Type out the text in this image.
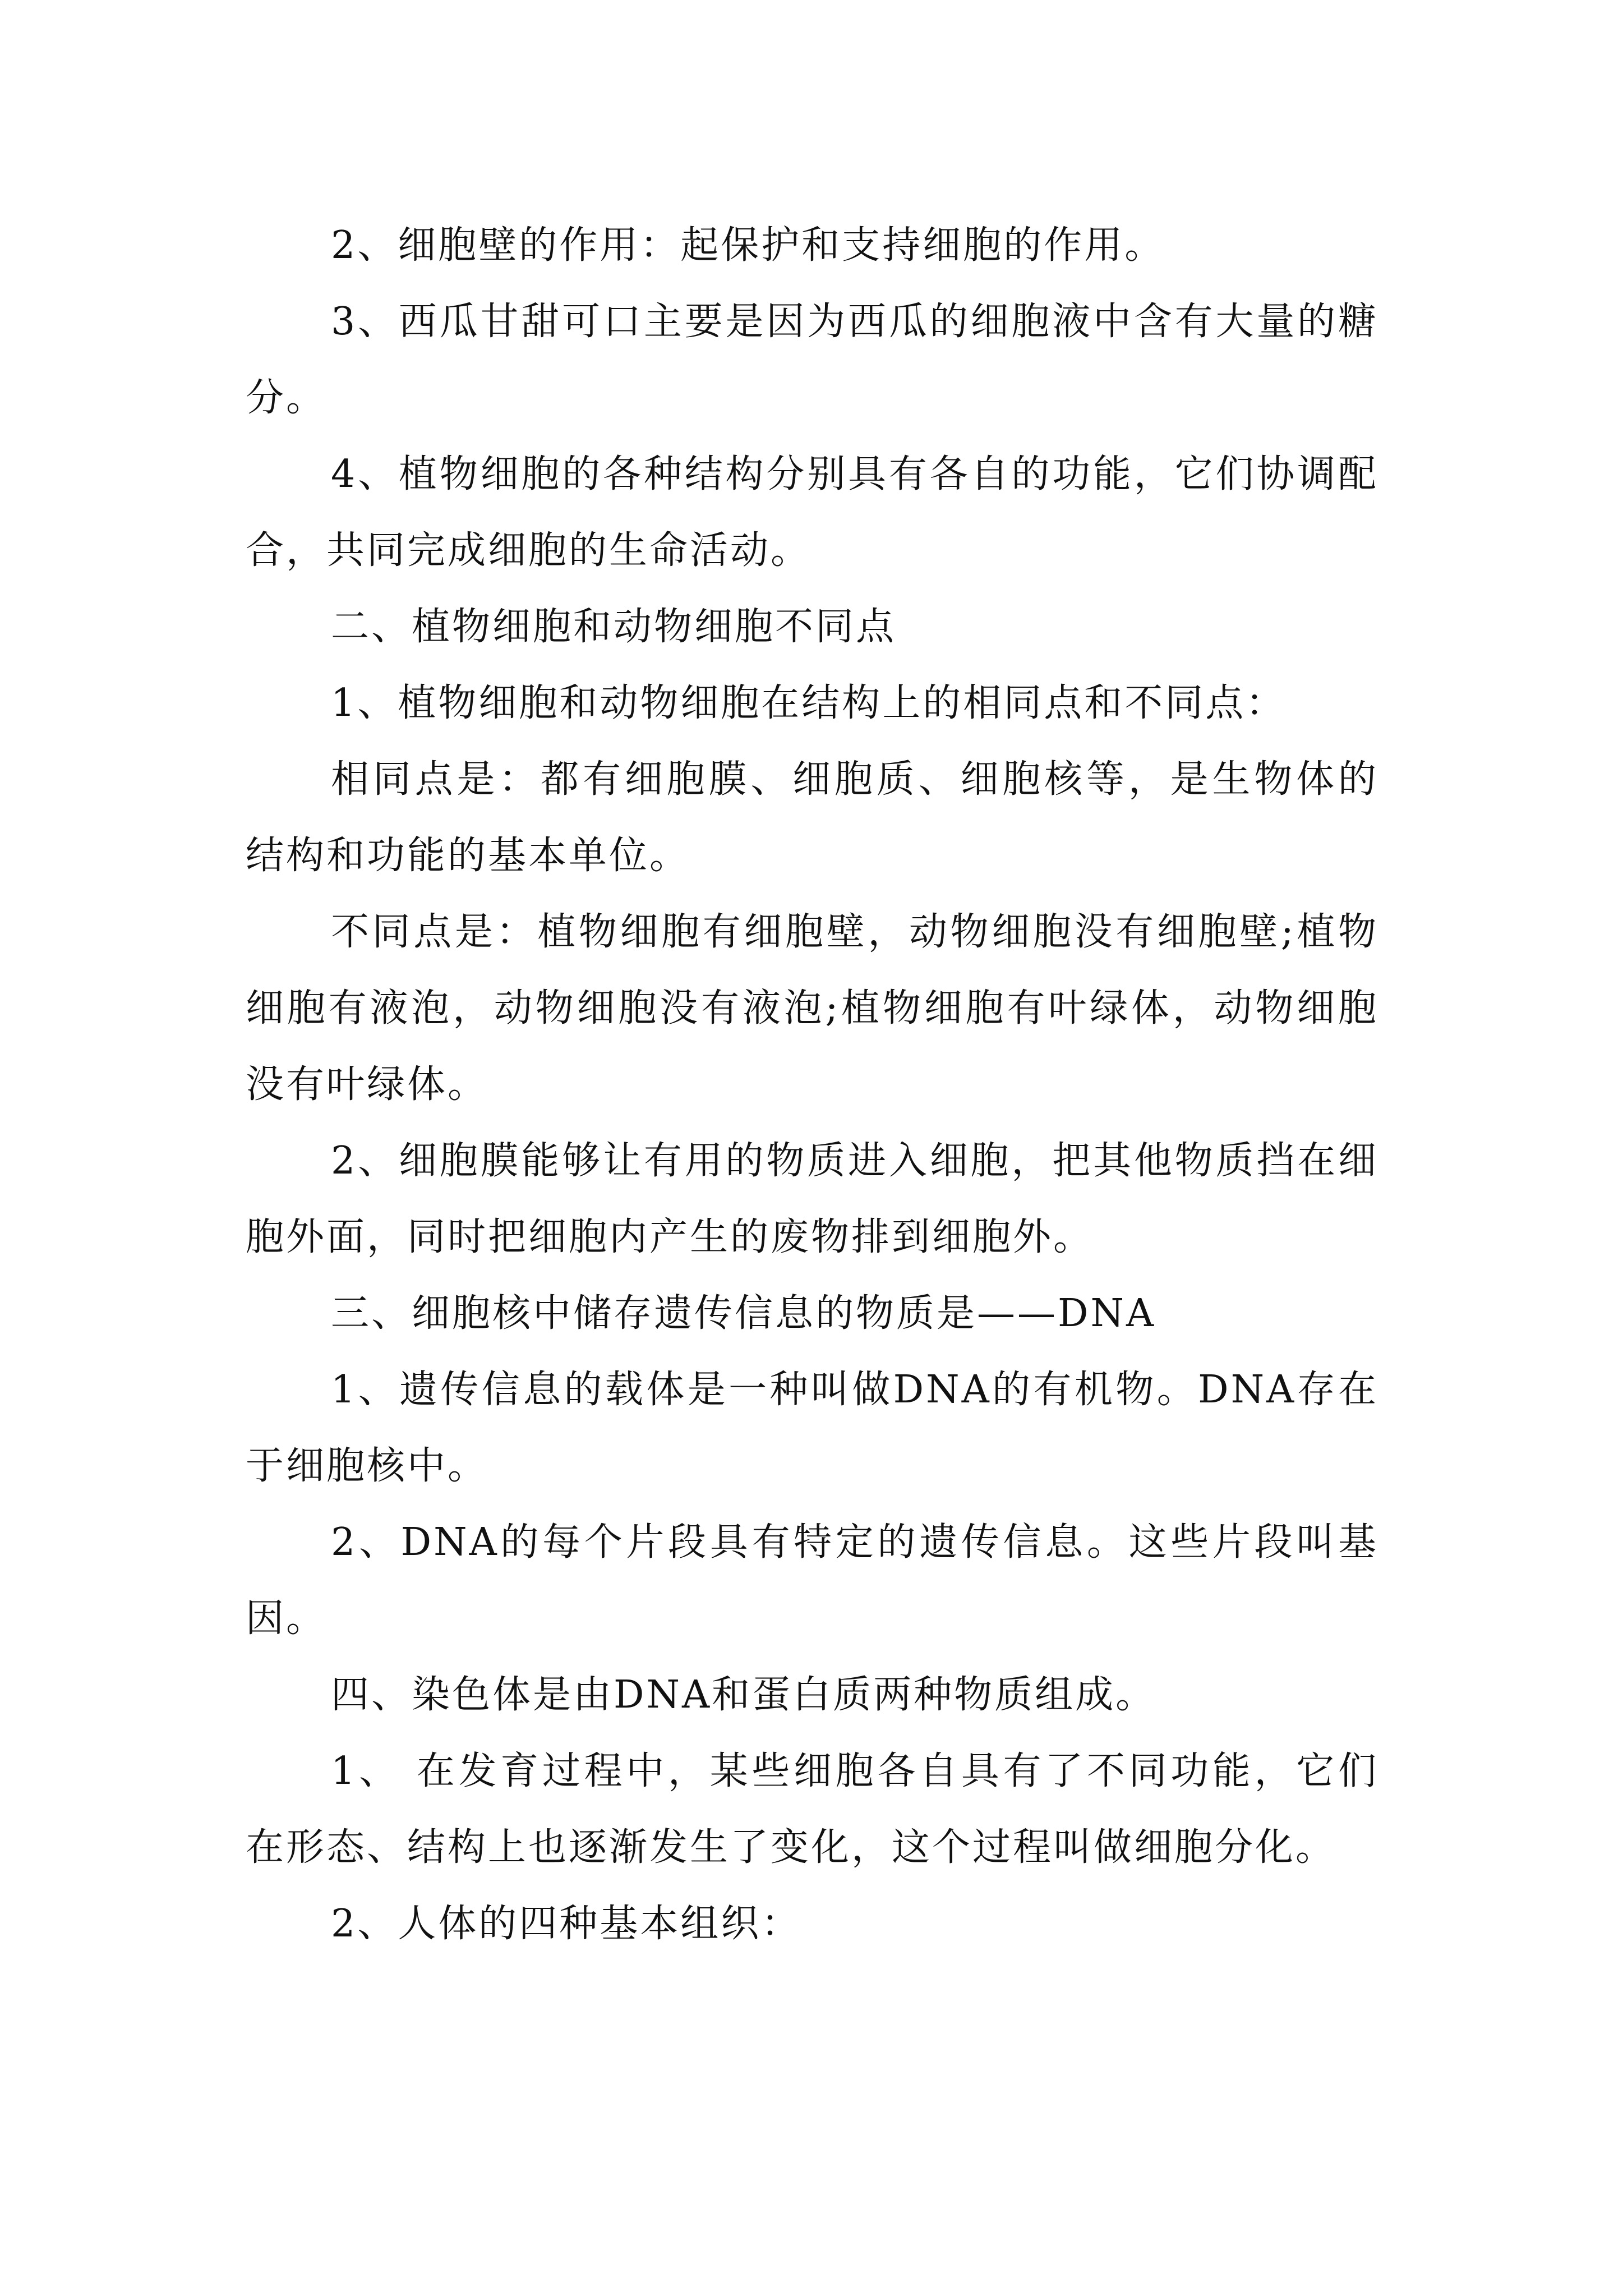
2、细胞壁的作用：起保护和支持细胞的作用。

3、西瓜甘甜可口主要是因为西瓜的细胞液中含有大量的糖分。

4、植物细胞的各种结构分别具有各自的功能，它们协调配合，共同完成细胞的生命活动。

二、植物细胞和动物细胞不同点

1、植物细胞和动物细胞在结构上的相同点和不同点：

相同点是：都有细胞膜、细胞质、细胞核等，是生物体的结构和功能的基本单位。

不同点是：植物细胞有细胞壁，动物细胞没有细胞壁;植物细胞有液泡，动物细胞没有液泡;植物细胞有叶绿体，动物细胞没有叶绿体。

2、细胞膜能够让有用的物质进入细胞，把其他物质挡在细胞外面，同时把细胞内产生的废物排到细胞外。

三、细胞核中储存遗传信息的物质是——DNA

1、遗传信息的载体是一种叫做DNA的有机物。DNA存在于细胞核中。

2、DNA的每个片段具有特定的遗传信息。这些片段叫基因。

四、染色体是由DNA和蛋白质两种物质组成。

1、 在发育过程中，某些细胞各自具有了不同功能，它们在形态、结构上也逐渐发生了变化，这个过程叫做细胞分化。

2、人体的四种基本组织：
